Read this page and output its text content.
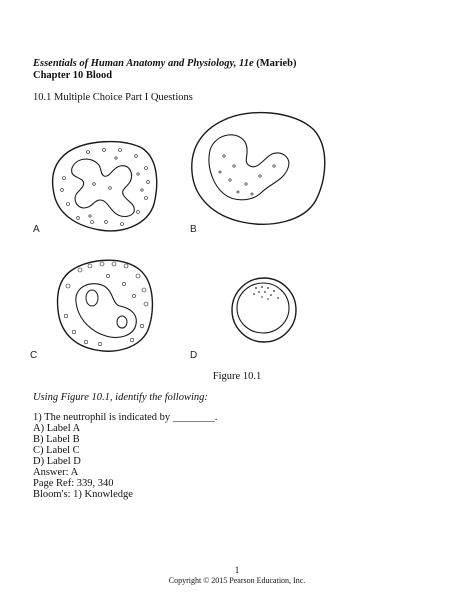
Essentials of Human Anatomy and Physiology, 11e (Marieb)
Chapter 10 Blood
10.1 Multiple Choice Part I Questions
A	B
C	D
Figure 10.1
Using Figure 10.1, identify the following:
1) The neutrophil is indicated by ________.
A) Label A
B) Label B
C) Label C
D) Label D
Answer: A
Page Ref: 339, 340
Bloom's: 1) Knowledge
1
Copyright © 2015 Pearson Education, Inc.
